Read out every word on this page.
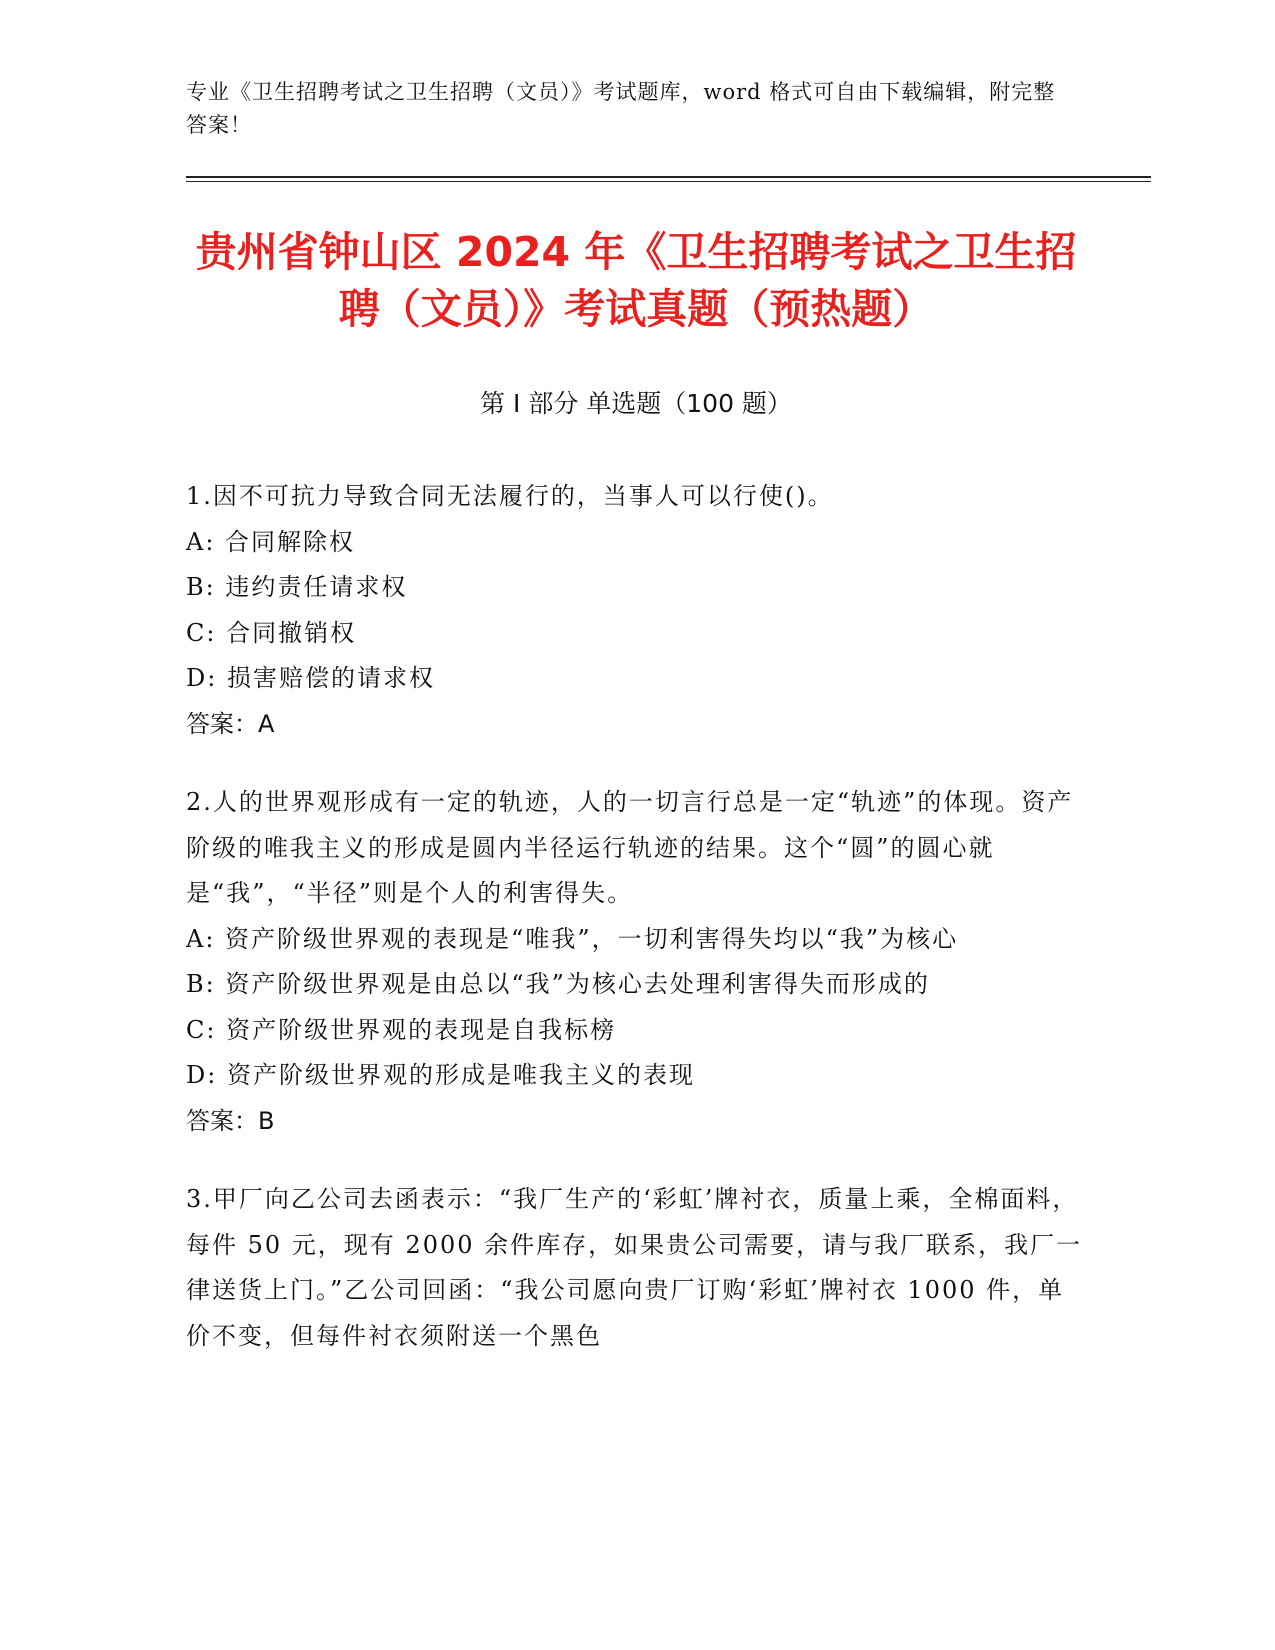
专业《卫生招聘考试之卫生招聘（文员）》考试题库，word 格式可自由下载编辑，附完整答案！
贵州省钟山区 2024 年《卫生招聘考试之卫生招聘（文员）》考试真题（预热题）
第 I 部分 单选题（100 题）
1.因不可抗力导致合同无法履行的，当事人可以行使()。
A: 合同解除权
B: 违约责任请求权
C: 合同撤销权
D: 损害赔偿的请求权
答案：A
2.人的世界观形成有一定的轨迹，人的一切言行总是一定“轨迹”的体现。资产阶级的唯我主义的形成是圆内半径运行轨迹的结果。这个“圆”的圆心就是“我”，“半径”则是个人的利害得失。
A: 资产阶级世界观的表现是“唯我”，一切利害得失均以“我”为核心
B: 资产阶级世界观是由总以“我”为核心去处理利害得失而形成的
C: 资产阶级世界观的表现是自我标榜
D: 资产阶级世界观的形成是唯我主义的表现
答案：B
3.甲厂向乙公司去函表示：“我厂生产的‘彩虹’牌衬衣，质量上乘，全棉面料，每件 50 元，现有 2000 余件库存，如果贵公司需要，请与我厂联系，我厂一律送货上门。”乙公司回函：“我公司愿向贵厂订购‘彩虹’牌衬衣 1000 件，单价不变，但每件衬衣须附送一个黑色
